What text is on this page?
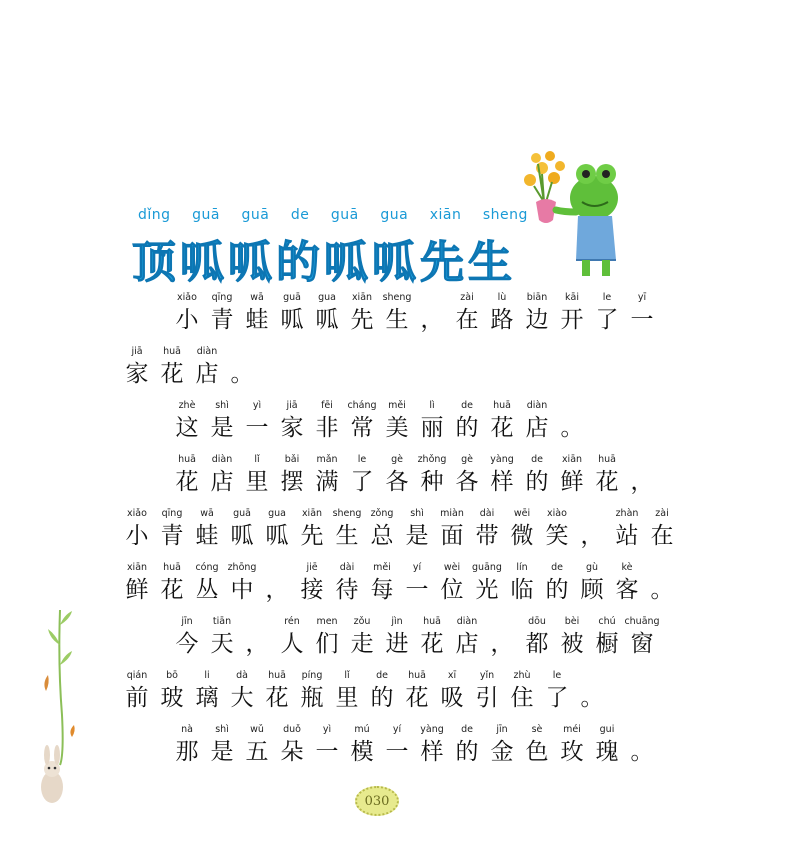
dǐng guā guā de guā gua xiān sheng
顶呱呱的呱呱先生
xiǎo
小
qīng
青
wā
蛙
guā
呱
gua
呱
xiān
先
sheng
生 ，
zài
在
lù
路
biān
边
kāi
开
le
了
yī
一
jiā
家
huā
花
diàn
店 。
zhè
这
shì
是
yì
一
jiā
家
fēi
非
cháng
常
měi
美
lì
丽
de
的
huā
花
diàn
店 。
huā
花
diàn
店
lǐ
里
bǎi
摆
mǎn
满
le
了
gè
各
zhǒng
种
gè
各
yàng
样
de
的
xiān
鲜
huā
花 ，
xiǎo
小
qīng
青
wā
蛙
guā
呱
gua
呱
xiān
先
sheng
生
zǒng
总
shì
是
miàn
面
dài
带
wēi
微
xiào
笑 ，
zhàn
站
zài
在
xiān
鲜
huā
花
cóng
丛
zhōng
中 ，
jiē
接
dài
待
měi
每
yí
一
wèi
位
guāng
光
lín
临
de
的
gù
顾
kè
客 。
jīn
今
tiān
天 ，
rén
人
men
们
zǒu
走
jìn
进
huā
花
diàn
店 ，
dōu
都
bèi
被
chú
橱
chuāng
窗
qián
前
bō
玻
li
璃
dà
大
huā
花
píng
瓶
lǐ
里
de
的
huā
花
xī
吸
yǐn
引
zhù
住
le
了 。
nà
那
shì
是
wǔ
五
duǒ
朵
yì
一
mú
模
yí
一
yàng
样
de
的
jīn
金
sè
色
méi
玫
gui
瑰 。
030
